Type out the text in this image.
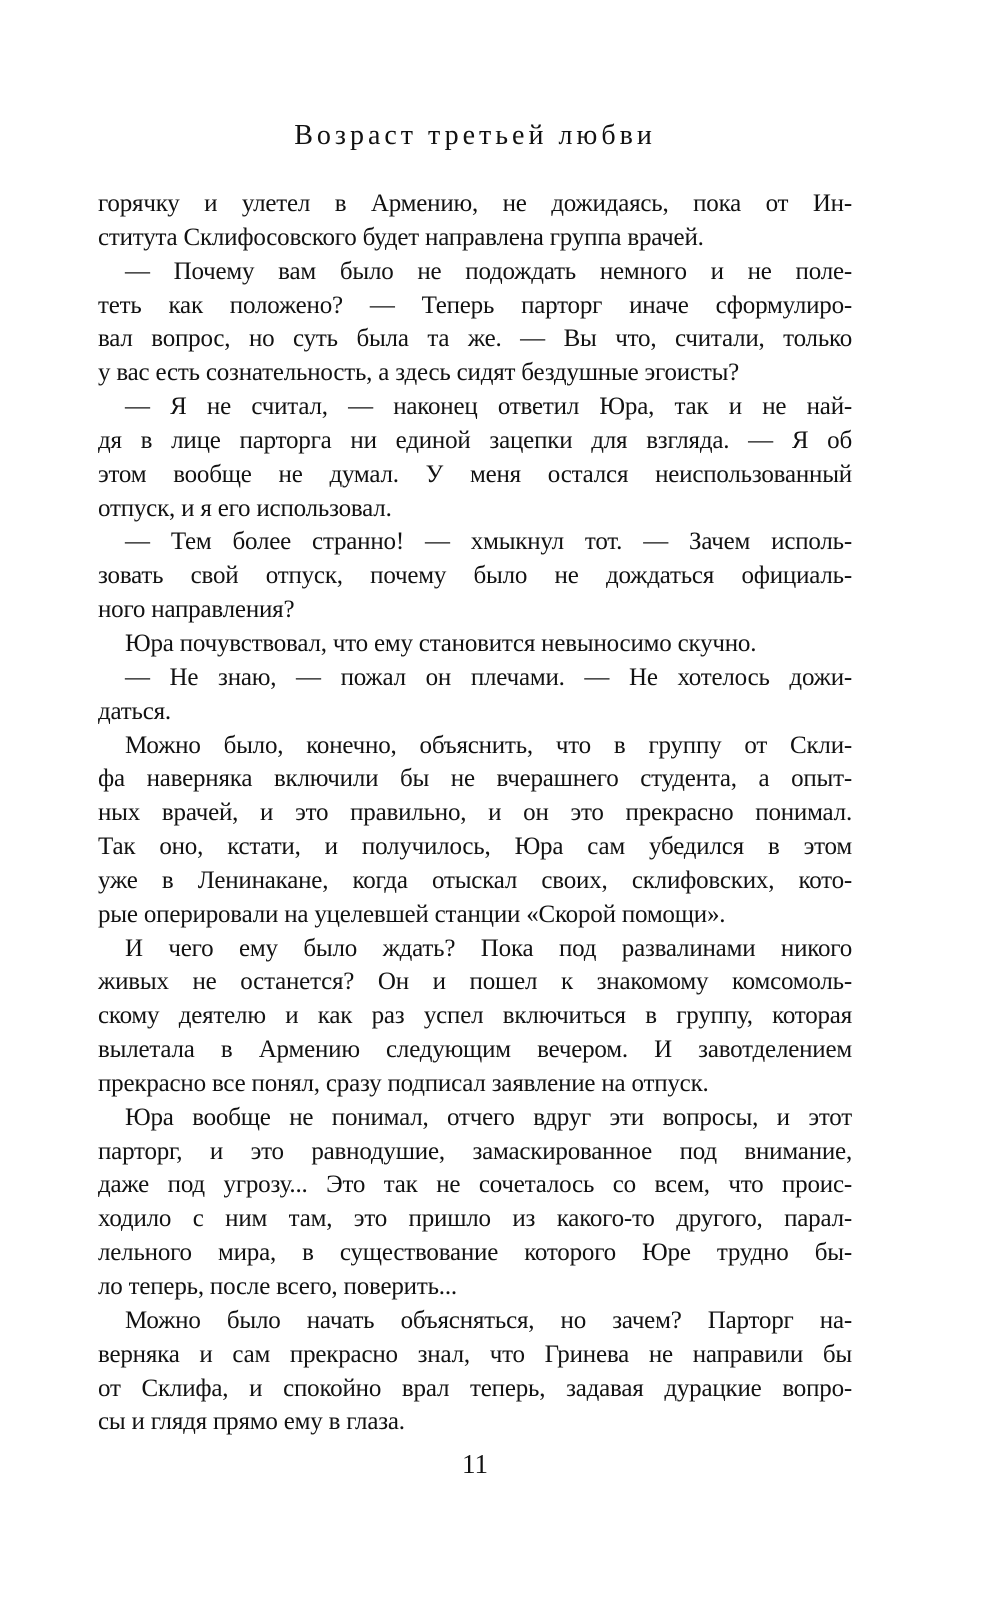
Возраст третьей любви
горячку и улетел в Армению, не дожидаясь, пока от Ин-
ститута Склифосовского будет направлена группа врачей.
— Почему вам было не подождать немного и не поле-
теть как положено? — Теперь парторг иначе сформулиро-
вал вопрос, но суть была та же. — Вы что, считали, только
у вас есть сознательность, а здесь сидят бездушные эгоисты?
— Я не считал, — наконец ответил Юра, так и не най-
дя в лице парторга ни единой зацепки для взгляда. — Я об
этом вообще не думал. У меня остался неиспользованный
отпуск, и я его использовал.
— Тем более странно! — хмыкнул тот. — Зачем исполь-
зовать свой отпуск, почему было не дождаться официаль-
ного направления?
Юра почувствовал, что ему становится невыносимо скучно.
— Не знаю, — пожал он плечами. — Не хотелось дожи-
даться.
Можно было, конечно, объяснить, что в группу от Скли-
фа наверняка включили бы не вчерашнего студента, а опыт-
ных врачей, и это правильно, и он это прекрасно понимал.
Так оно, кстати, и получилось, Юра сам убедился в этом
уже в Ленинакане, когда отыскал своих, склифовских, кото-
рые оперировали на уцелевшей станции «Скорой помощи».
И чего ему было ждать? Пока под развалинами никого
живых не останется? Он и пошел к знакомому комсомоль-
скому деятелю и как раз успел включиться в группу, которая
вылетала в Армению следующим вечером. И завотделением
прекрасно все понял, сразу подписал заявление на отпуск.
Юра вообще не понимал, отчего вдруг эти вопросы, и этот
парторг, и это равнодушие, замаскированное под внимание,
даже под угрозу... Это так не сочеталось со всем, что проис-
ходило с ним там, это пришло из какого-то другого, парал-
лельного мира, в существование которого Юре трудно бы-
ло теперь, после всего, поверить...
Можно было начать объясняться, но зачем? Парторг на-
верняка и сам прекрасно знал, что Гринева не направили бы
от Склифа, и спокойно врал теперь, задавая дурацкие вопро-
сы и глядя прямо ему в глаза.
11
